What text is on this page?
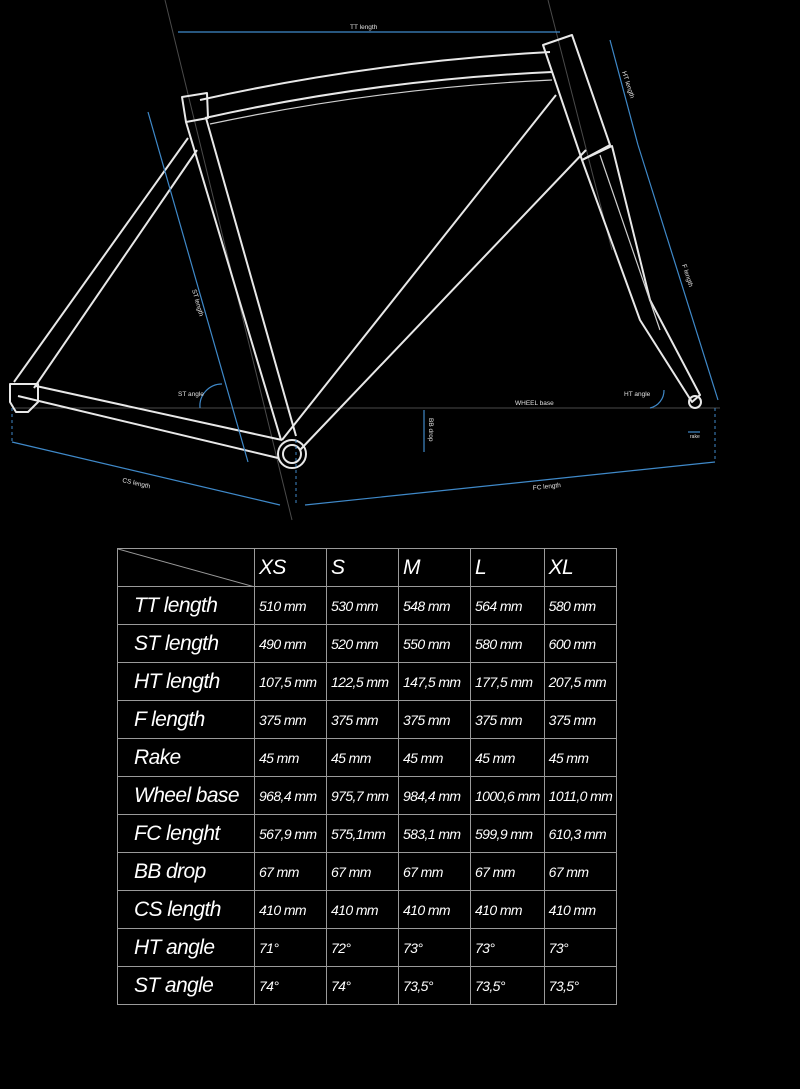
TT length
HT length
F length
ST length
ST angle	HT angle
WHEEL base
BB drop	rake
CS length	FC length
	XS	S	M	L	XL
TT length	510 mm	530 mm	548 mm	564 mm	580 mm
ST length	490 mm	520 mm	550 mm	580 mm	600 mm
HT length	107,5 mm	122,5 mm	147,5 mm	177,5 mm	207,5 mm
F length	375 mm	375 mm	375 mm	375 mm	375 mm
Rake	45 mm	45 mm	45 mm	45 mm	45 mm
Wheel base	968,4 mm	975,7 mm	984,4 mm	1000,6 mm	1011,0 mm
FC lenght	567,9 mm	575,1mm	583,1 mm	599,9 mm	610,3 mm
BB drop	67 mm	67 mm	67 mm	67 mm	67 mm
CS length	410 mm	410 mm	410 mm	410 mm	410 mm
HT angle	71°	72°	73°	73°	73°
ST angle	74°	74°	73,5°	73,5°	73,5°
